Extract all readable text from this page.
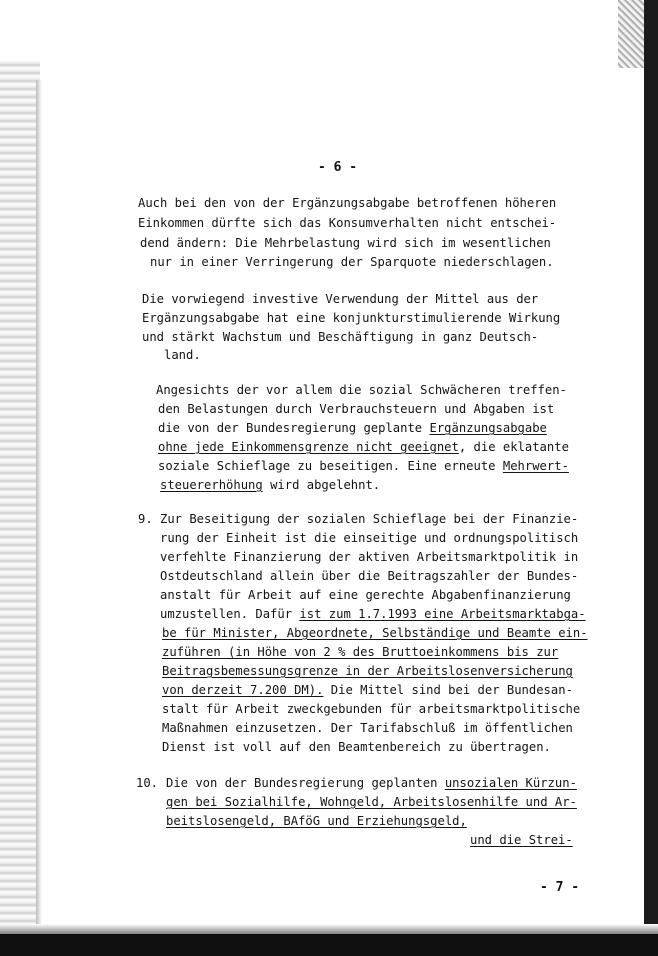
- 6 -
Auch bei den von der Ergänzungsabgabe betroffenen höheren
Einkommen dürfte sich das Konsumverhalten nicht entschei-
dend ändern: Die Mehrbelastung wird sich im wesentlichen
nur in einer Verringerung der Sparquote niederschlagen.
Die vorwiegend investive Verwendung der Mittel aus der
Ergänzungsabgabe hat eine konjunkturstimulierende Wirkung
und stärkt Wachstum und Beschäftigung in ganz Deutsch-
land.
Angesichts der vor allem die sozial Schwächeren treffen-
den Belastungen durch Verbrauchsteuern und Abgaben ist
die von der Bundesregierung geplante Ergänzungsabgabe
ohne jede Einkommensgrenze nicht geeignet, die eklatante
soziale Schieflage zu beseitigen. Eine erneute Mehrwert-
steuererhöhung wird abgelehnt.
9. Zur Beseitigung der sozialen Schieflage bei der Finanzie-
rung der Einheit ist die einseitige und ordnungspolitisch
verfehlte Finanzierung der aktiven Arbeitsmarktpolitik in
Ostdeutschland allein über die Beitragszahler der Bundes-
anstalt für Arbeit auf eine gerechte Abgabenfinanzierung
umzustellen. Dafür ist zum 1.7.1993 eine Arbeitsmarktabga-
be für Minister, Abgeordnete, Selbständige und Beamte ein-
zuführen (in Höhe von 2 % des Bruttoeinkommens bis zur
Beitragsbemessungsgrenze in der Arbeitslosenversicherung
von derzeit 7.200 DM). Die Mittel sind bei der Bundesan-
stalt für Arbeit zweckgebunden für arbeitsmarktpolitische
Maßnahmen einzusetzen. Der Tarifabschluß im öffentlichen
Dienst ist voll auf den Beamtenbereich zu übertragen.
10. Die von der Bundesregierung geplanten unsozialen Kürzun-
gen bei Sozialhilfe, Wohngeld, Arbeitslosenhilfe und Ar-
beitslosengeld, BAföG und Erziehungsgeld,
und die Strei-
- 7 -
